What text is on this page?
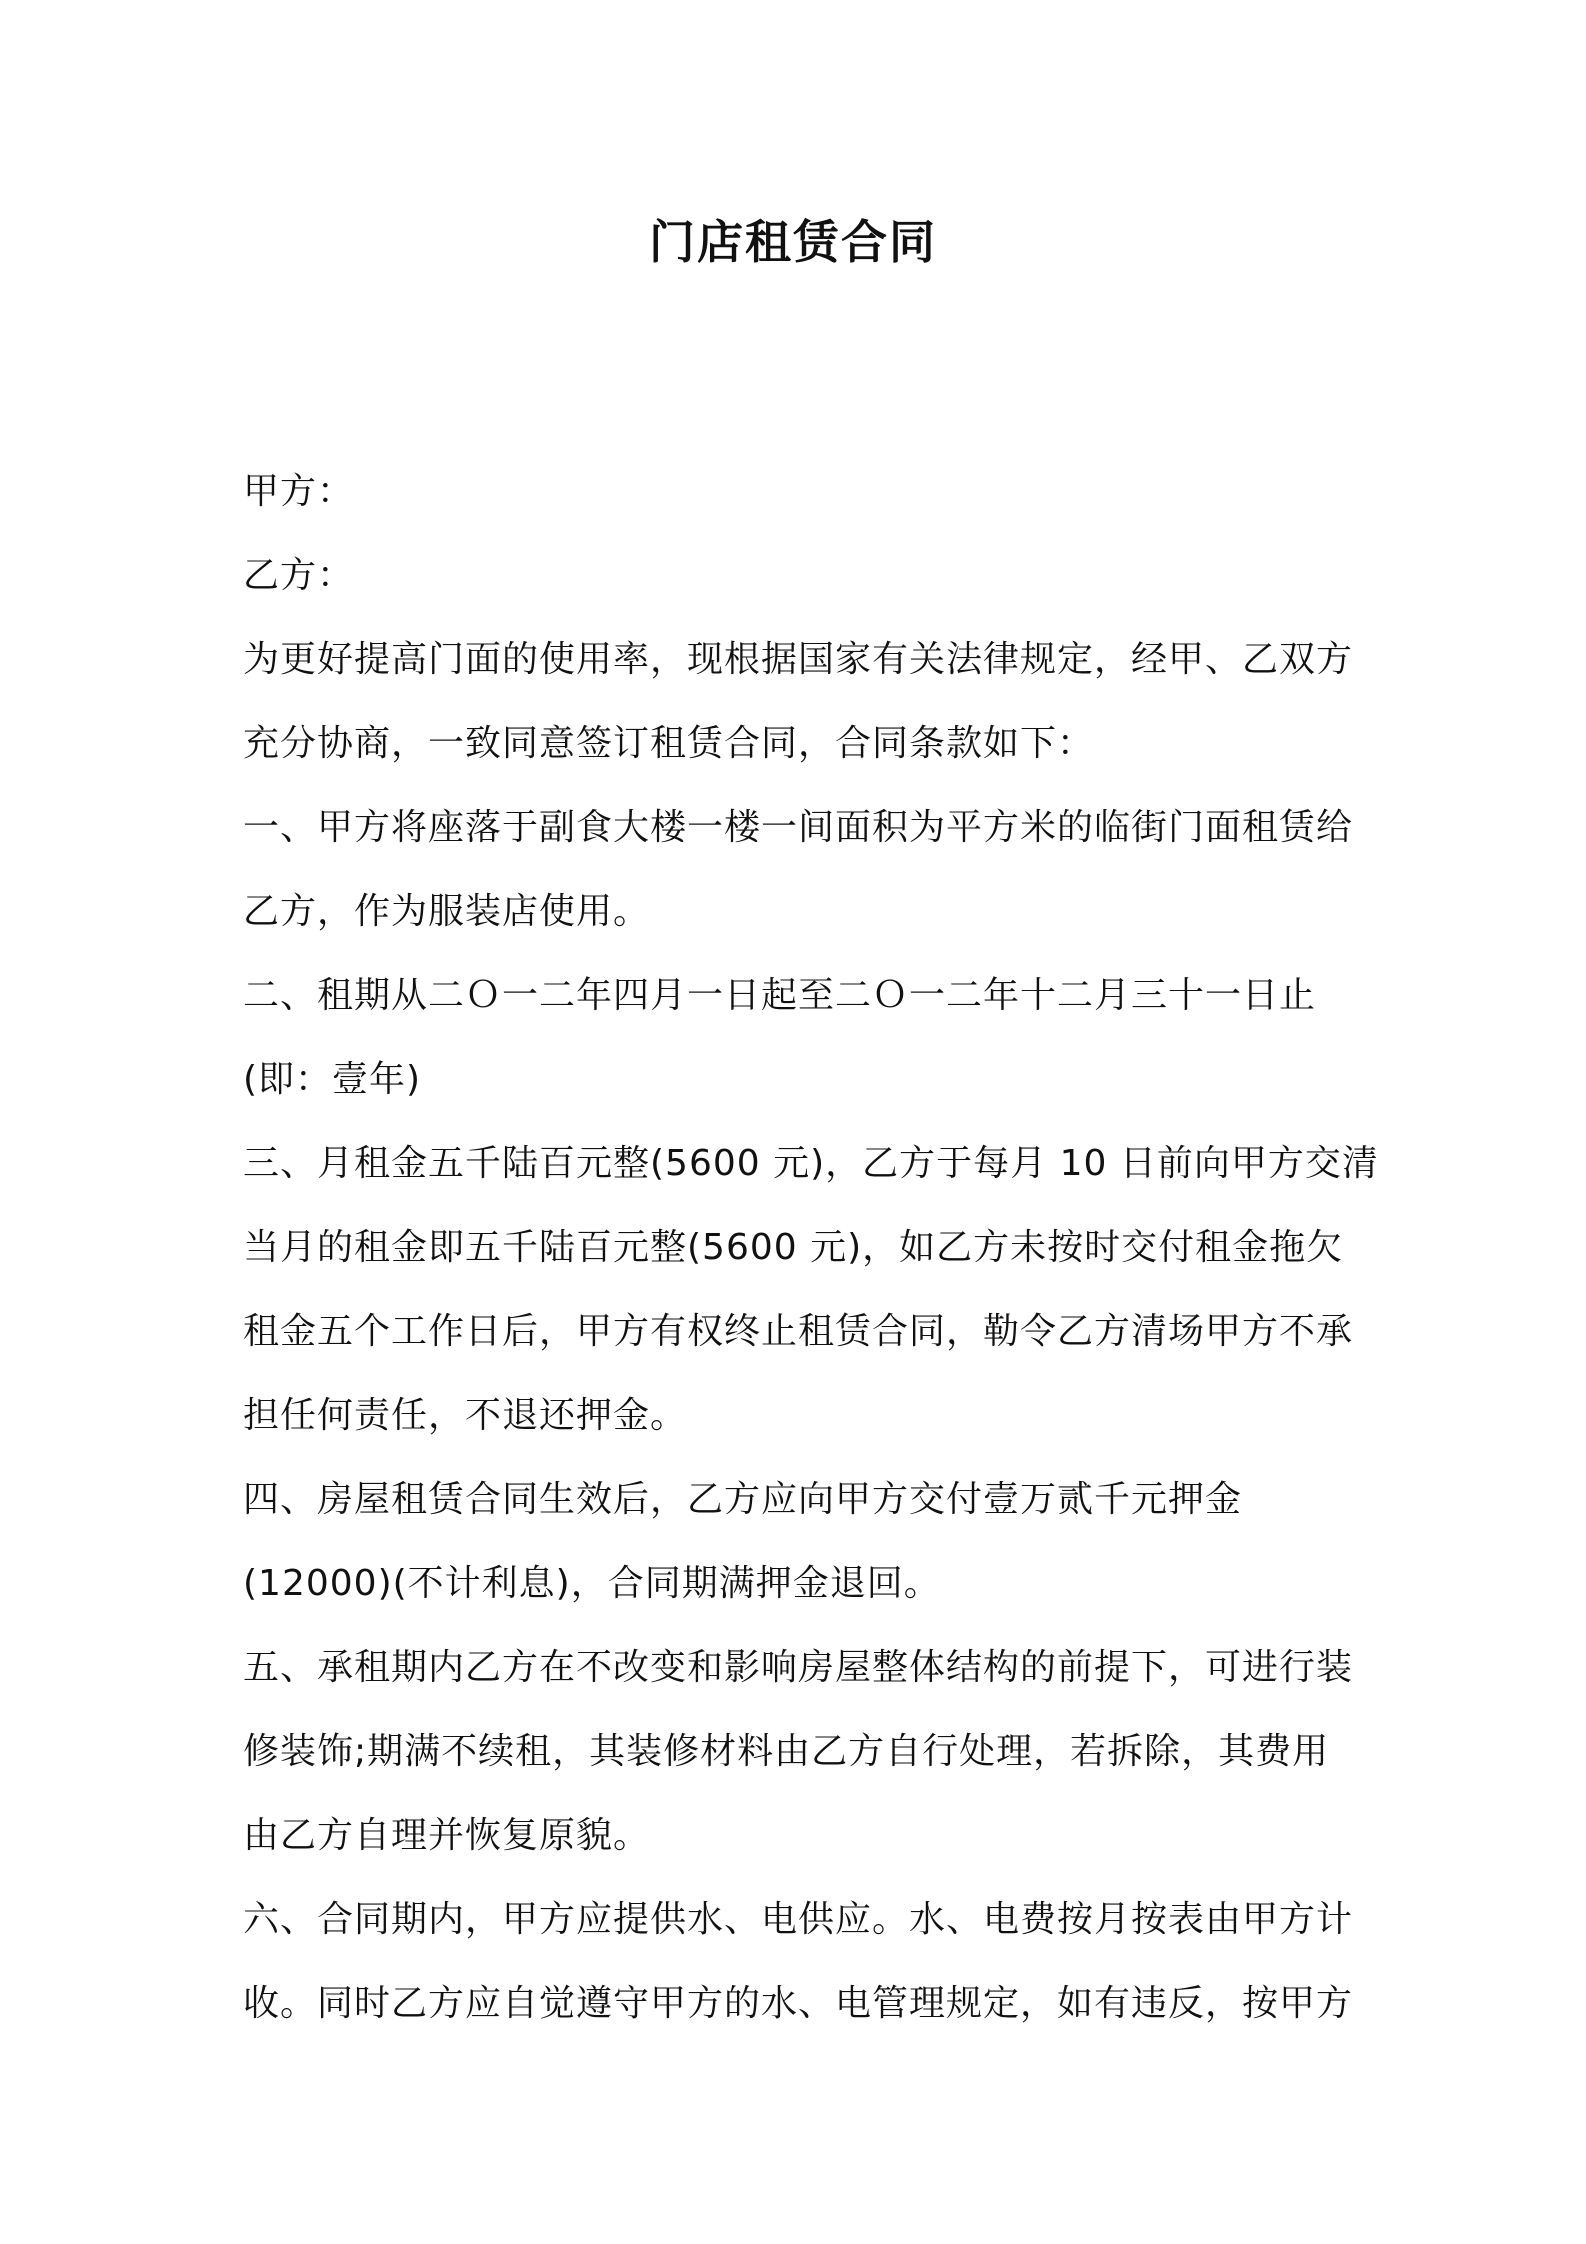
门店租赁合同
甲方：
乙方：
为更好提高门面的使用率，现根据国家有关法律规定，经甲、乙双方
充分协商，一致同意签订租赁合同，合同条款如下：
一、甲方将座落于副食大楼一楼一间面积为平方米的临街门面租赁给
乙方，作为服装店使用。
二、租期从二Ｏ一二年四月一日起至二Ｏ一二年十二月三十一日止
(即：壹年)
三、月租金五千陆百元整(5600 元)，乙方于每月 10 日前向甲方交清
当月的租金即五千陆百元整(5600 元)，如乙方未按时交付租金拖欠
租金五个工作日后，甲方有权终止租赁合同，勒令乙方清场甲方不承
担任何责任，不退还押金。
四、房屋租赁合同生效后，乙方应向甲方交付壹万贰千元押金
(12000)(不计利息)，合同期满押金退回。
五、承租期内乙方在不改变和影响房屋整体结构的前提下，可进行装
修装饰;期满不续租，其装修材料由乙方自行处理，若拆除，其费用
由乙方自理并恢复原貌。
六、合同期内，甲方应提供水、电供应。水、电费按月按表由甲方计
收。同时乙方应自觉遵守甲方的水、电管理规定，如有违反，按甲方
